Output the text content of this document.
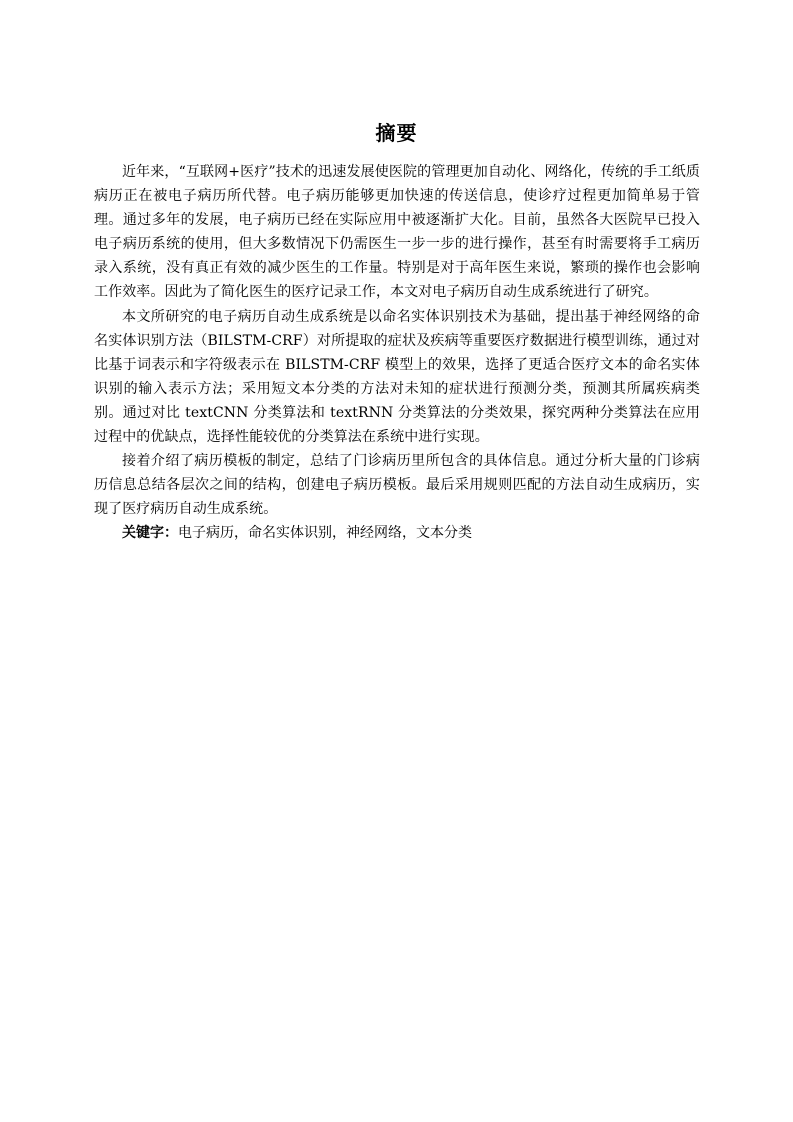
摘要

近年来，“互联网+医疗”技术的迅速发展使医院的管理更加自动化、网络化，传统的手工纸质病历正在被电子病历所代替。电子病历能够更加快速的传送信息，使诊疗过程更加简单易于管理。通过多年的发展，电子病历已经在实际应用中被逐渐扩大化。目前，虽然各大医院早已投入电子病历系统的使用，但大多数情况下仍需医生一步一步的进行操作，甚至有时需要将手工病历录入系统，没有真正有效的减少医生的工作量。特别是对于高年医生来说，繁琐的操作也会影响工作效率。因此为了简化医生的医疗记录工作，本文对电子病历自动生成系统进行了研究。

本文所研究的电子病历自动生成系统是以命名实体识别技术为基础，提出基于神经网络的命名实体识别方法（BILSTM-CRF）对所提取的症状及疾病等重要医疗数据进行模型训练，通过对比基于词表示和字符级表示在 BILSTM-CRF 模型上的效果，选择了更适合医疗文本的命名实体识别的输入表示方法；采用短文本分类的方法对未知的症状进行预测分类，预测其所属疾病类别。通过对比 textCNN 分类算法和 textRNN 分类算法的分类效果，探究两种分类算法在应用过程中的优缺点，选择性能较优的分类算法在系统中进行实现。

接着介绍了病历模板的制定，总结了门诊病历里所包含的具体信息。通过分析大量的门诊病历信息总结各层次之间的结构，创建电子病历模板。最后采用规则匹配的方法自动生成病历，实现了医疗病历自动生成系统。

关键字：电子病历，命名实体识别，神经网络，文本分类
